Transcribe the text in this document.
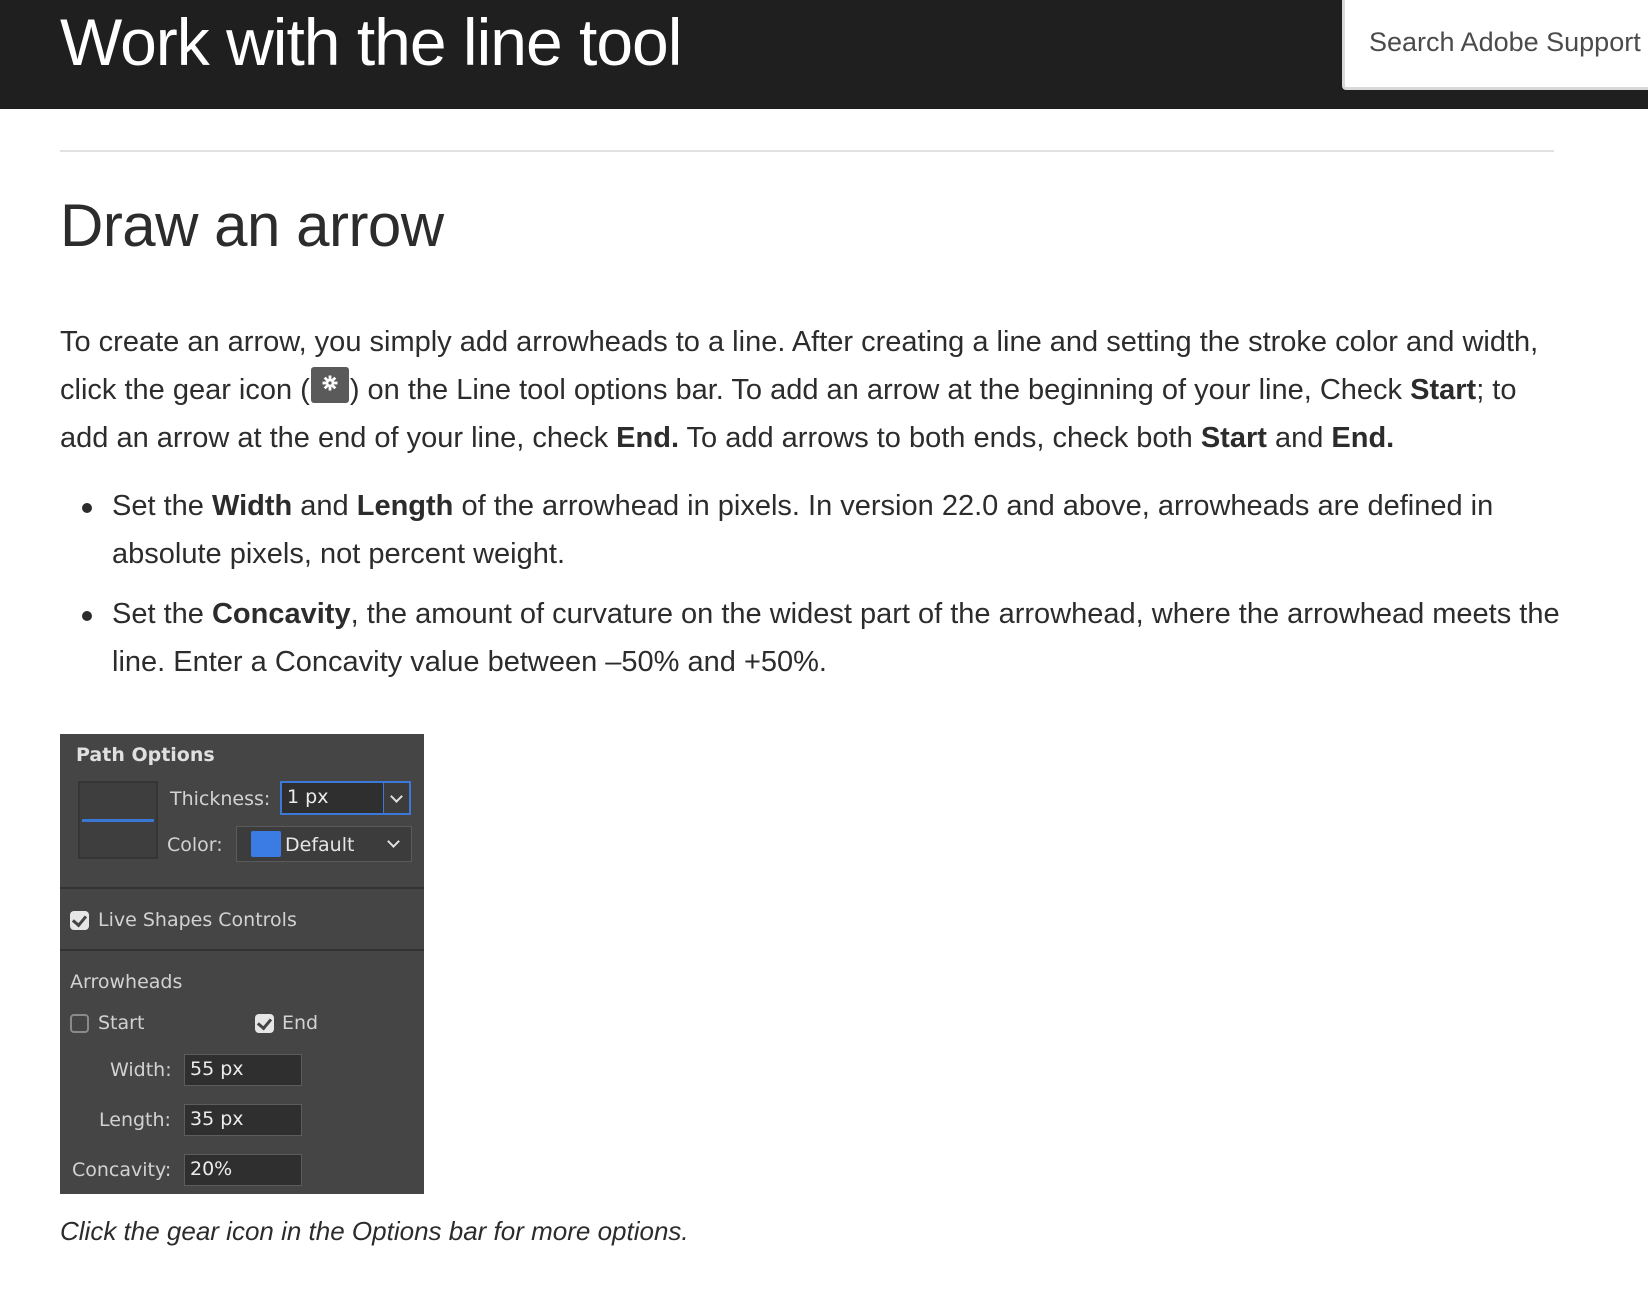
Work with the line tool
Search Adobe Support
Draw an arrow

To create an arrow, you simply add arrowheads to a line. After creating a line and setting the stroke color and width, click the gear icon ( ) on the Line tool options bar. To add an arrow at the beginning of your line, Check Start; to add an arrow at the end of your line, check End. To add arrows to both ends, check both Start and End.

Set the Width and Length of the arrowhead in pixels. In version 22.0 and above, arrowheads are defined in absolute pixels, not percent weight.
Set the Concavity, the amount of curvature on the widest part of the arrowhead, where the arrowhead meets the line. Enter a Concavity value between –50% and +50%.
Path Options
Thickness: 1 px
Color:	Default
Live Shapes Controls
Arrowheads
Start	End
Width: 55 px
Length:	35 px
Concavity: 20%

Click the gear icon in the Options bar for more options.
